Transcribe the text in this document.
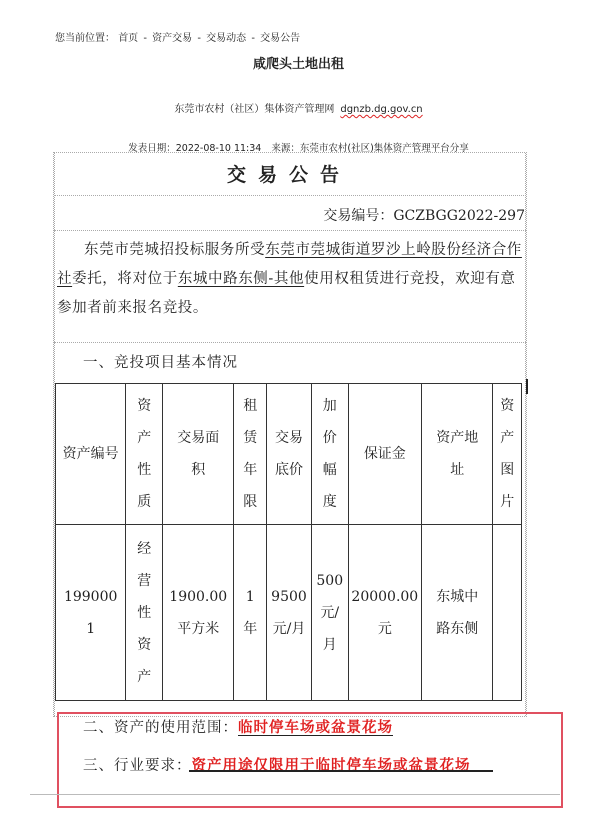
您当前位置： 首页 - 资产交易 - 交易动态 - 交易公告
咸爬头土地出租
东莞市农村（社区）集体资产管理网 dgnzb.dg.gov.cn
发表日期：2022-08-10 11:34 来源：东莞市农村(社区)集体资产管理平台分享
交易公告
交易编号：GCZBGG2022-297
东莞市莞城招投标服务所受东莞市莞城街道罗沙上岭股份经济合作社委托，将对位于东城中路东侧-其他使用权租赁进行竞投，欢迎有意参加者前来报名竞投。
一、竞投项目基本情况
资产编号	资产性质	交易面积	租赁年限	交易底价	加价幅度	保证金	资产地址	资产图片
1990001	经营性资产	1900.00平方米	1年	9500元/月	500元/月	20000.00元	东城中路东侧	
二、资产的使用范围：临时停车场或盆景花场
三、行业要求：资产用途仅限用于临时停车场或盆景花场
